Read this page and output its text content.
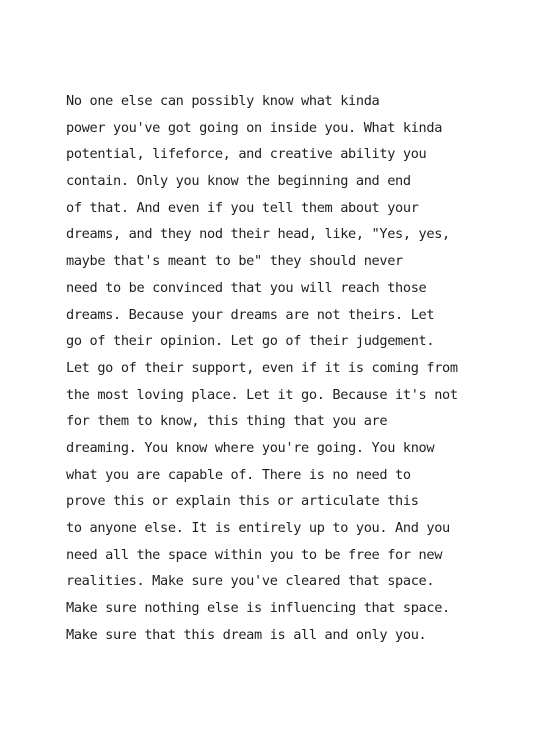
No one else can possibly know what kinda
power you've got going on inside you. What kinda
potential, lifeforce, and creative ability you
contain. Only you know the beginning and end
of that. And even if you tell them about your
dreams, and they nod their head, like, "Yes, yes,
maybe that's meant to be" they should never
need to be convinced that you will reach those
dreams. Because your dreams are not theirs. Let
go of their opinion. Let go of their judgement.
Let go of their support, even if it is coming from
the most loving place. Let it go. Because it's not
for them to know, this thing that you are
dreaming. You know where you're going. You know
what you are capable of. There is no need to
prove this or explain this or articulate this
to anyone else. It is entirely up to you. And you
need all the space within you to be free for new
realities. Make sure you've cleared that space.
Make sure nothing else is influencing that space.
Make sure that this dream is all and only you.
